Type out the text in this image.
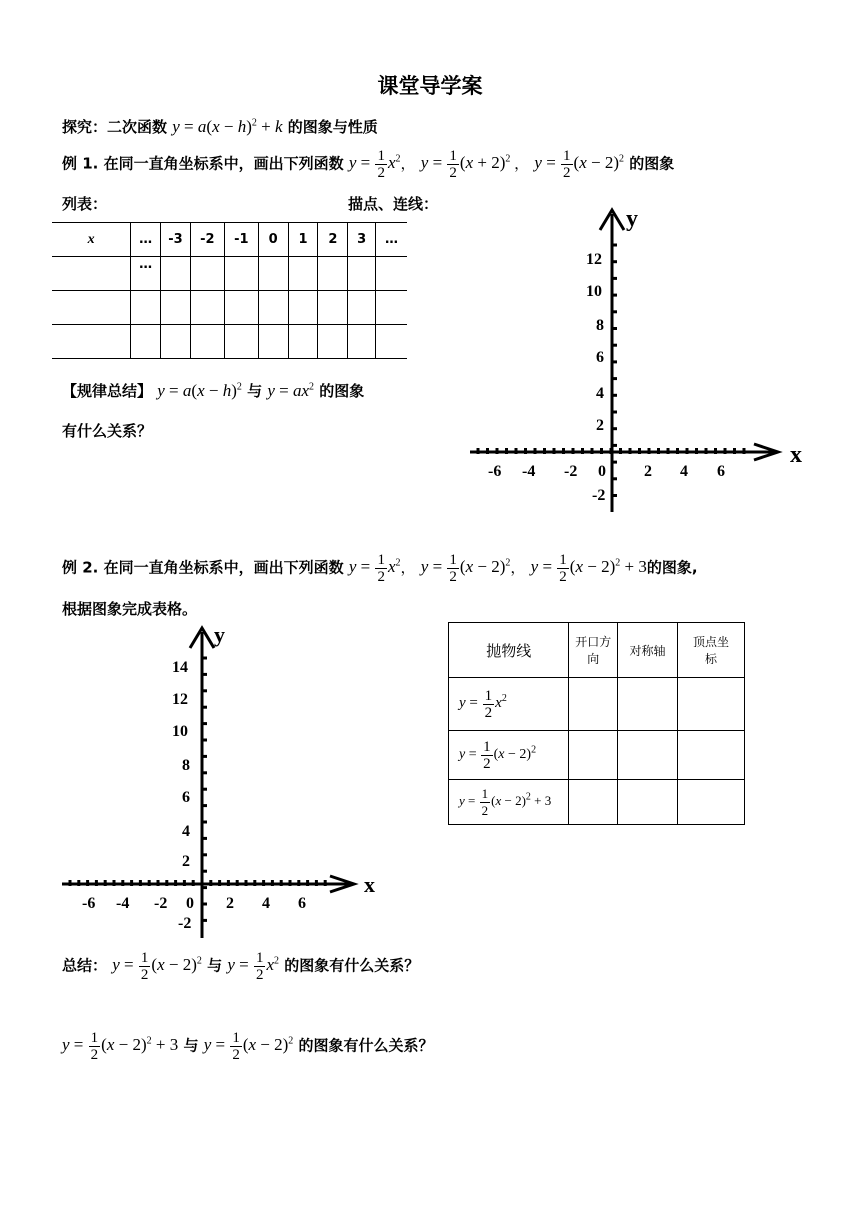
课堂导学案
探究：二次函数 $y = a(x - h)^2 + k$ 的图象与性质
例 1. 在同一直角坐标系中，画出下列函数 $y = \frac{1}{2} x^2$， $y = \frac{1}{2} (x + 2)^2$ ， $y = \frac{1}{2} (x - 2)^2$ 的图象
列表：	描点、连线：
x	…	-3	-2	-1	0	1	2	3	…
	…								

【规律总结】 $y = a(x - h)^2$ 与 $y = ax^2$ 的图象
有什么关系？
x
y
-6 -4 -2 0 2 4 6
12
10
8
6
4
2
-2
例 2. 在同一直角坐标系中，画出下列函数 $y = \frac{1}{2} x^2$， $y = \frac{1}{2} (x - 2)^2$， $y = \frac{1}{2} (x - 2)^2 + 3$的图象,
根据图象完成表格。
x
y
-6 -4 -2 0 2 4 6
14
12
10
8
6
4
2
-2
抛物线	开口方向	对称轴	顶点坐标
$y = \frac{1}{2} x^2$			
$y = \frac{1}{2} (x - 2)^2$			
$y = \frac{1}{2} (x - 2)^2 + 3$			
总结： $y = \frac{1}{2} (x - 2)^2$ 与 $y = \frac{1}{2} x^2$ 的图象有什么关系？
$y = \frac{1}{2} (x - 2)^2 + 3$ 与 $y = \frac{1}{2} (x - 2)^2$ 的图象有什么关系？
